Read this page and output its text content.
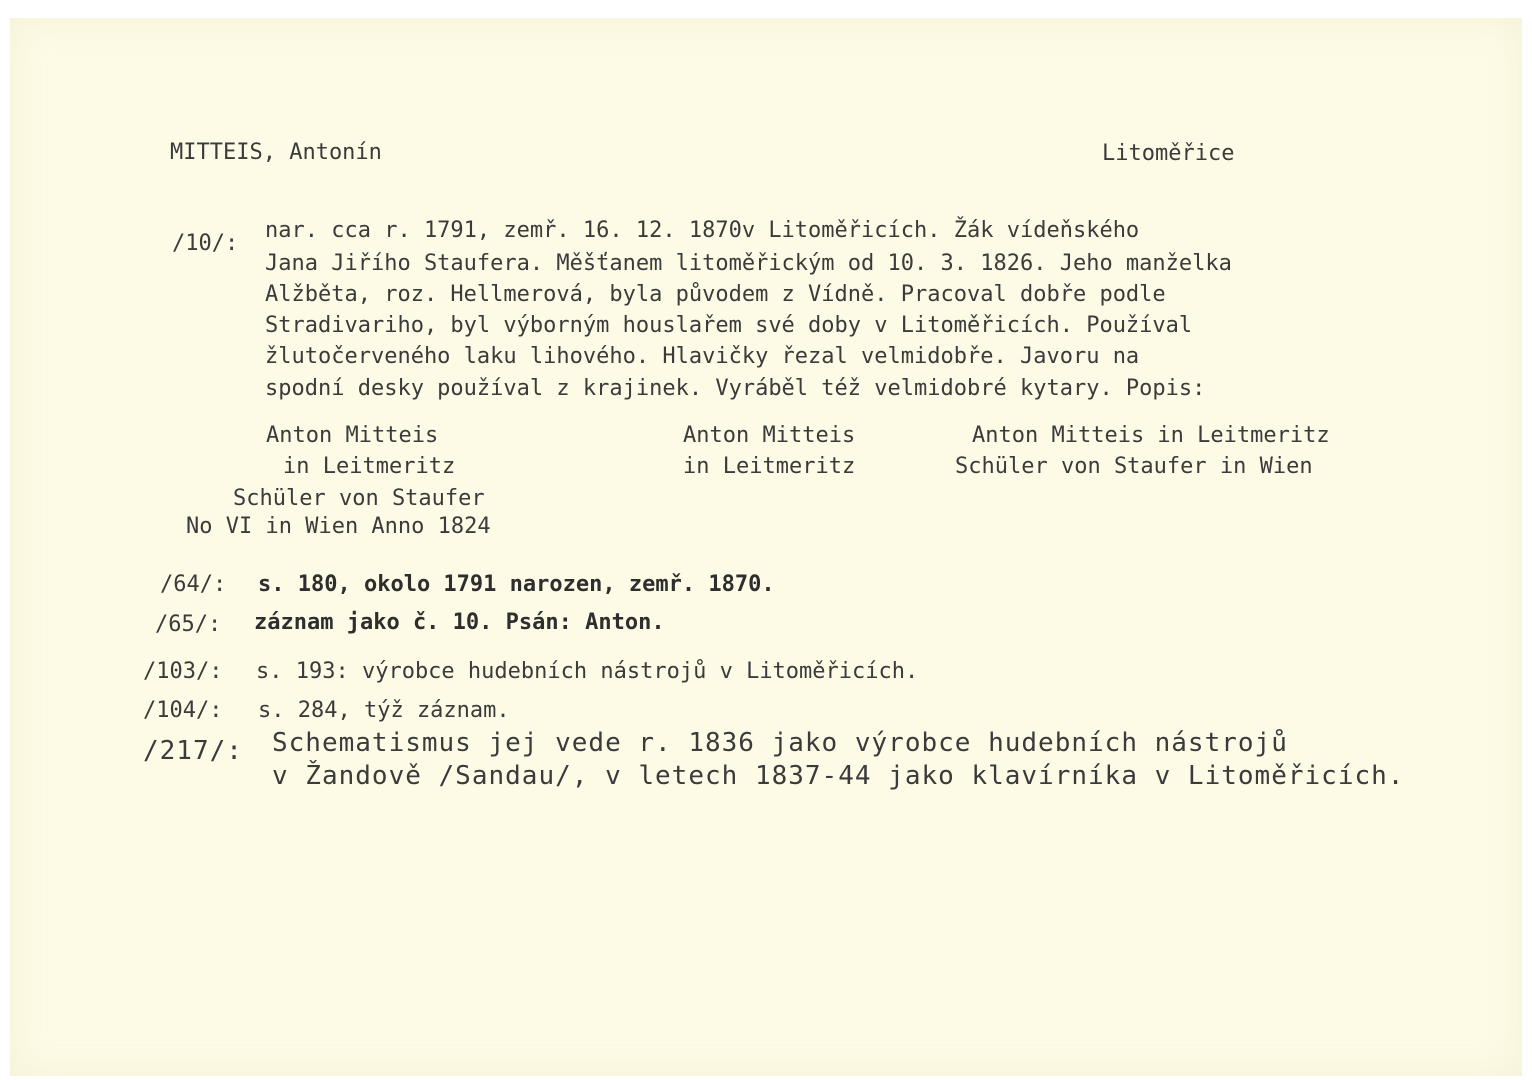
MITTEIS, Antonín	Litoměřice
/10/:
nar. cca r. 1791, zemř. 16. 12. 1870v Litoměřicích. Žák vídeňského
Jana Jiřího Staufera. Měšťanem litoměřickým od 10. 3. 1826. Jeho manželka
Alžběta, roz. Hellmerová, byla původem z Vídně. Pracoval dobře podle
Stradivariho, byl výborným houslařem své doby v Litoměřicích. Používal
žlutočerveného laku lihového. Hlavičky řezal velmidobře. Javoru na
spodní desky používal z krajinek. Vyráběl též velmidobré kytary. Popis:
Anton Mitteis
in Leitmeritz
Schüler von Staufer
No VI in Wien Anno 1824
Anton Mitteis
in Leitmeritz
Anton Mitteis in Leitmeritz
Schüler von Staufer in Wien
/64/: s. 180, okolo 1791 narozen, zemř. 1870.
/65/: záznam jako č. 10. Psán: Anton.
/103/: s. 193: výrobce hudebních nástrojů v Litoměřicích.
/104/: s. 284, týž záznam.
/217/: Schematismus jej vede r. 1836 jako výrobce hudebních nástrojů
v Žandově /Sandau/, v letech 1837-44 jako klavírníka v Litoměřicích.
